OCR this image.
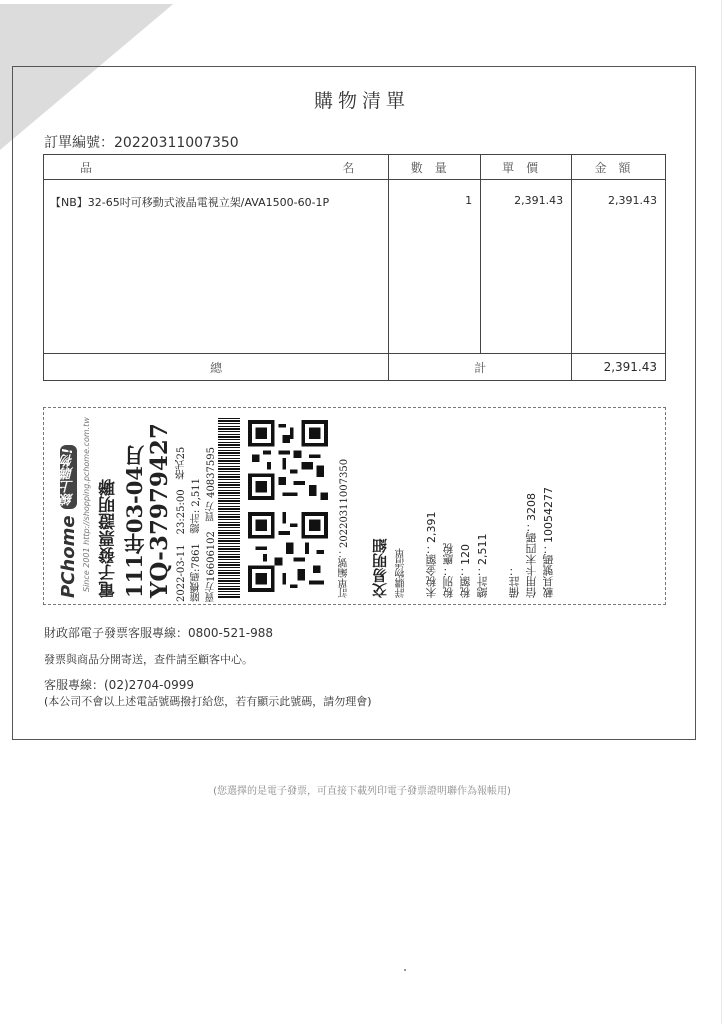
購物清單
訂單編號：20220311007350
品 名	數量	單價	金額
【NB】32-65吋可移動式液晶電視立架/AVA1500-60-1P	1	2,391.43	2,391.43
總	計		2,391.43
PChome 線上購物!
Since 2001 http://shopping.pchome.com.tw 電子發票證明聯 111年03-04月 YQ-37979427 2022-03-11　23:25:00　格式25 隨機碼:7861　總計: 2,511 賣方16606102　買方 40837595	訂單編號：20220311007350 交易明細 詳購物清單 未稅金額：2,391 稅別：應稅 稅額：120 總計：2,511 備註： 信用卡末四碼：3208 載具號碼：10054277
財政部電子發票客服專線：0800-521-988
發票與商品分開寄送，查件請至顧客中心。
客服專線：(02)2704-0999
(本公司不會以上述電話號碼撥打給您，若有顯示此號碼，請勿理會)
(您選擇的是電子發票，可直接下載列印電子發票證明聯作為報帳用)
